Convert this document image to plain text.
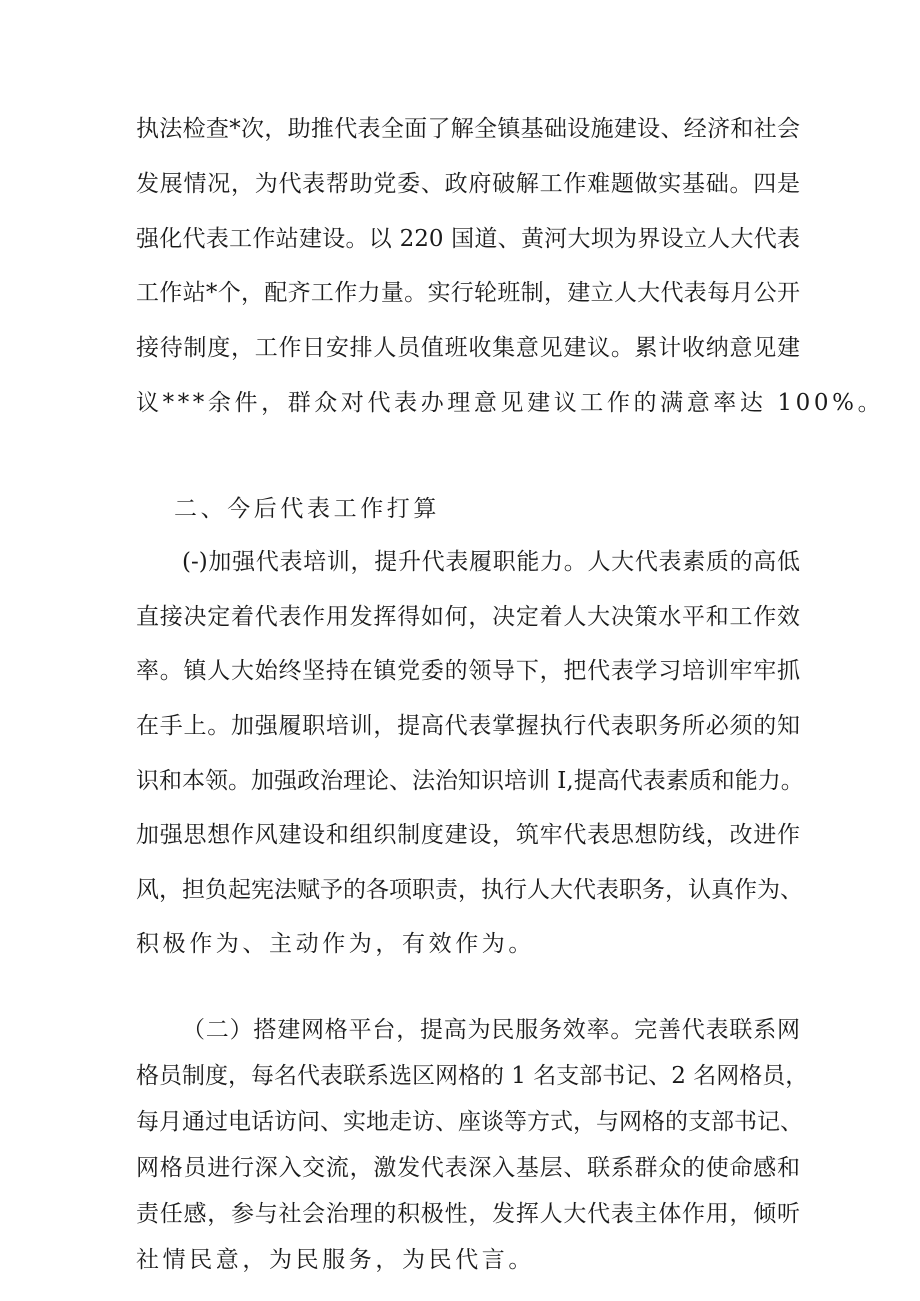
执法检查*次，助推代表全面了解全镇基础设施建设、经济和社会
发展情况，为代表帮助党委、政府破解工作难题做实基础。四是
强化代表工作站建设。以 220 国道、黄河大坝为界设立人大代表
工作站*个，配齐工作力量。实行轮班制，建立人大代表每月公开
接待制度，工作日安排人员值班收集意见建议。累计收纳意见建
议***余件，群众对代表办理意见建议工作的满意率达 100%。
二、今后代表工作打算
(-)加强代表培训，提升代表履职能力。人大代表素质的高低
直接决定着代表作用发挥得如何，决定着人大决策水平和工作效
率。镇人大始终坚持在镇党委的领导下，把代表学习培训牢牢抓
在手上。加强履职培训，提高代表掌握执行代表职务所必须的知
识和本领。加强政治理论、法治知识培训 I,提高代表素质和能力。
加强思想作风建设和组织制度建设，筑牢代表思想防线，改进作
风，担负起宪法赋予的各项职责，执行人大代表职务，认真作为、
积极作为、主动作为，有效作为。
（二）搭建网格平台，提高为民服务效率。完善代表联系网
格员制度，每名代表联系选区网格的 1 名支部书记、2 名网格员，
每月通过电话访问、实地走访、座谈等方式，与网格的支部书记、
网格员进行深入交流，激发代表深入基层、联系群众的使命感和
责任感，参与社会治理的积极性，发挥人大代表主体作用，倾听
社情民意，为民服务，为民代言。
